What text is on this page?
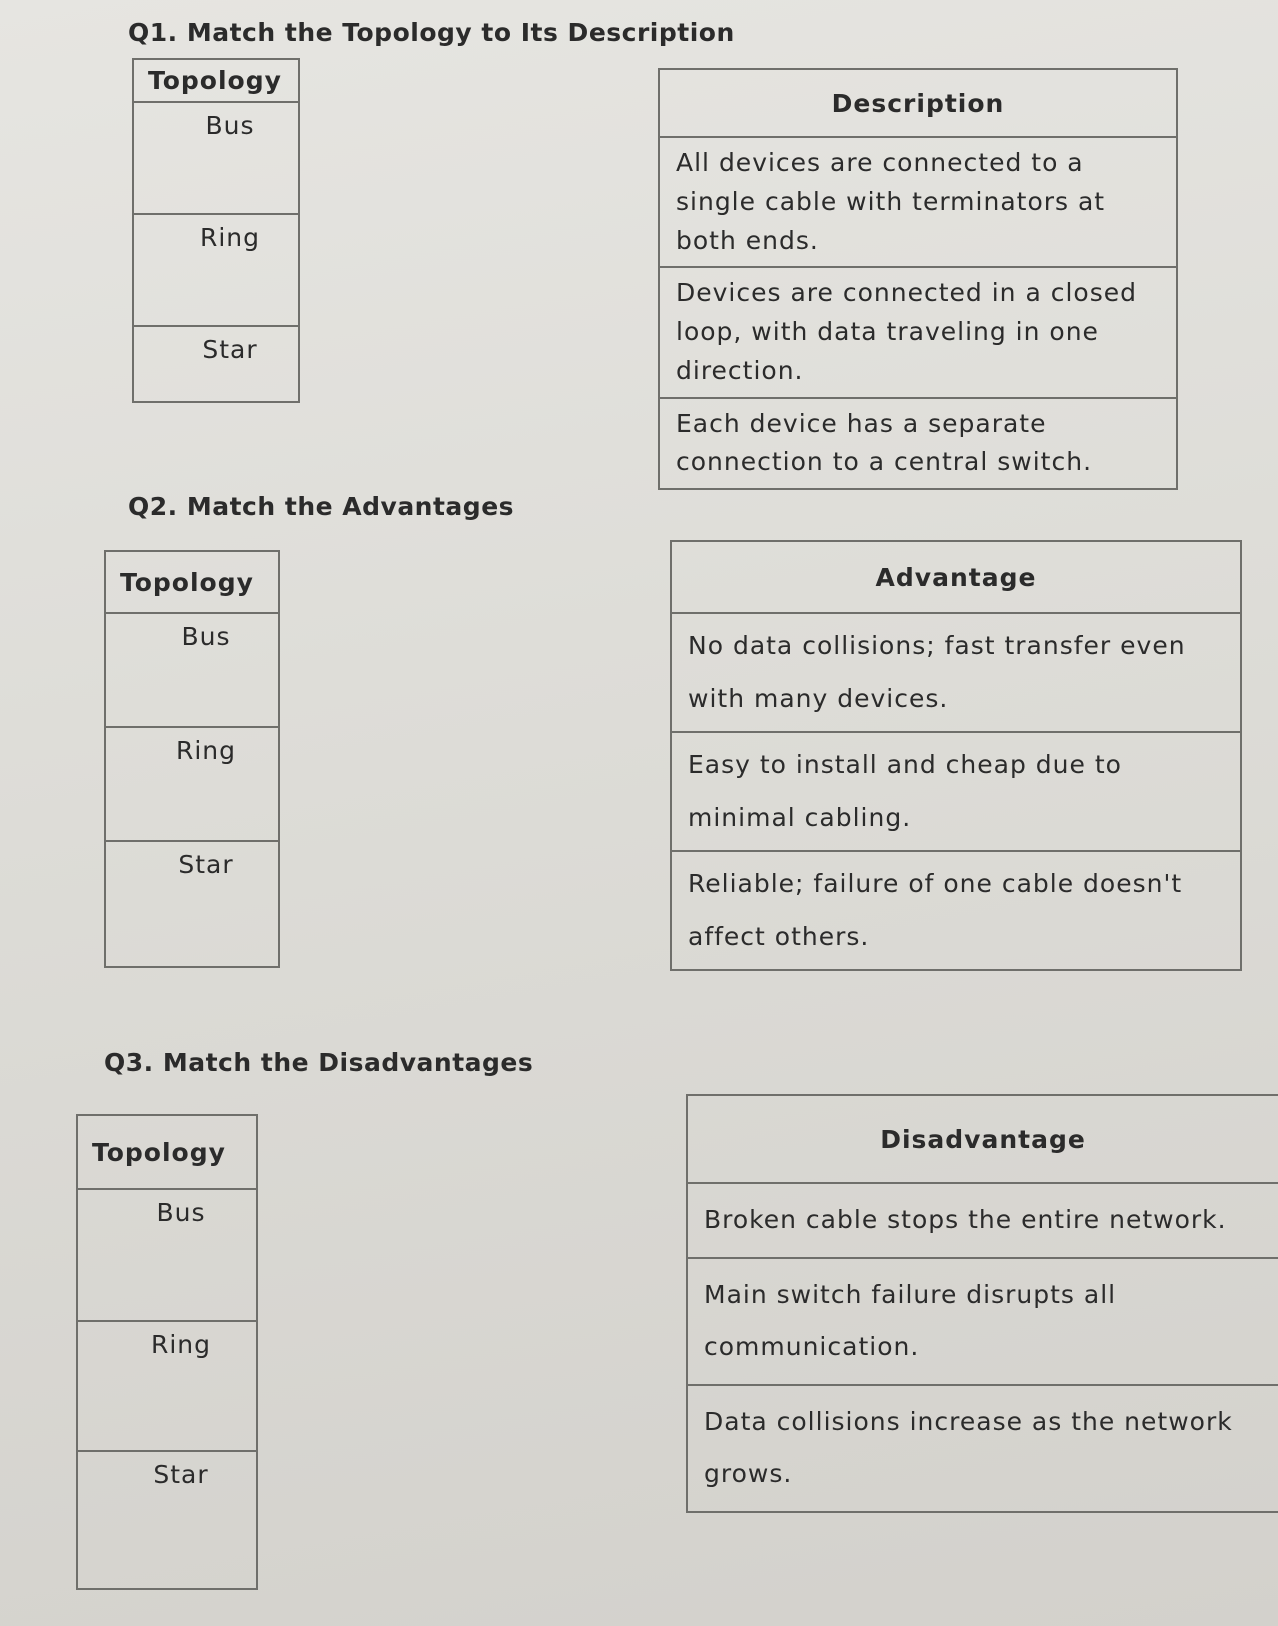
Q1. Match the Topology to Its Description
Topology
Bus
Ring
Star
Description
All devices are connected to a single cable with terminators at both ends.
Devices are connected in a closed loop, with data traveling in one direction.
Each device has a separate connection to a central switch.
Q2. Match the Advantages
Topology
Bus
Ring
Star
Advantage
No data collisions; fast transfer even with many devices.
Easy to install and cheap due to minimal cabling.
Reliable; failure of one cable doesn't affect others.
Q3. Match the Disadvantages
Topology
Bus
Ring
Star
Disadvantage
Broken cable stops the entire network.
Main switch failure disrupts all communication.
Data collisions increase as the network grows.
